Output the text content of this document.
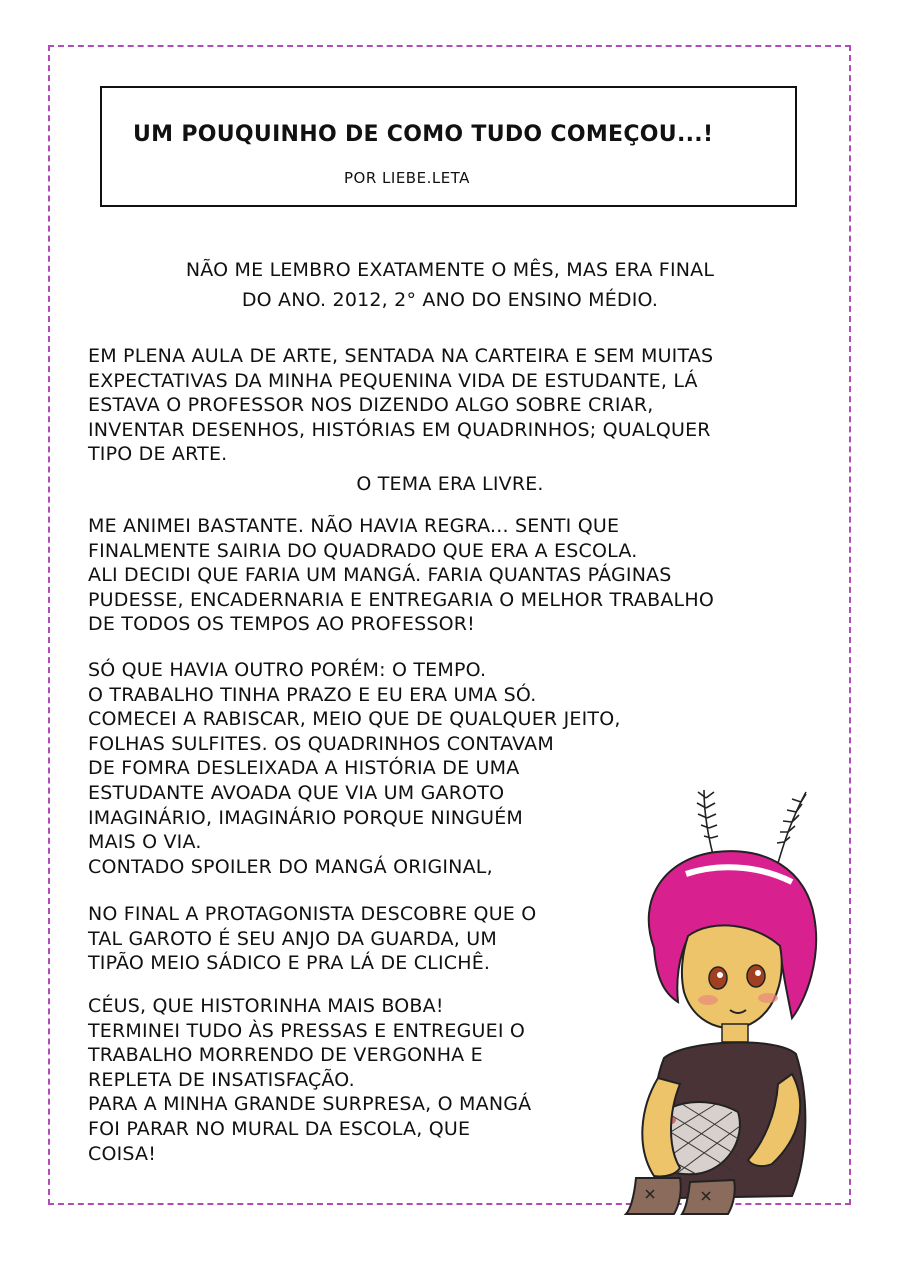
UM POUQUINHO DE COMO TUDO COMEÇOU...!

POR LIEBE.LETA

NÃO ME LEMBRO EXATAMENTE O MÊS, MAS ERA FINAL
DO ANO. 2012, 2° ANO DO ENSINO MÉDIO.

EM PLENA AULA DE ARTE, SENTADA NA CARTEIRA E SEM MUITAS
EXPECTATIVAS DA MINHA PEQUENINA VIDA DE ESTUDANTE, LÁ
ESTAVA O PROFESSOR NOS DIZENDO ALGO SOBRE CRIAR,
INVENTAR DESENHOS, HISTÓRIAS EM QUADRINHOS; QUALQUER
TIPO DE ARTE.

O TEMA ERA LIVRE.

ME ANIMEI BASTANTE. NÃO HAVIA REGRA... SENTI QUE
FINALMENTE SAIRIA DO QUADRADO QUE ERA A ESCOLA.
ALI DECIDI QUE FARIA UM MANGÁ. FARIA QUANTAS PÁGINAS
PUDESSE, ENCADERNARIA E ENTREGARIA O MELHOR TRABALHO
DE TODOS OS TEMPOS AO PROFESSOR!

SÓ QUE HAVIA OUTRO PORÉM: O TEMPO.
O TRABALHO TINHA PRAZO E EU ERA UMA SÓ.
COMECEI A RABISCAR, MEIO QUE DE QUALQUER JEITO,
FOLHAS SULFITES. OS QUADRINHOS CONTAVAM
DE FOMRA DESLEIXADA A HISTÓRIA DE UMA
ESTUDANTE AVOADA QUE VIA UM GAROTO
IMAGINÁRIO, IMAGINÁRIO PORQUE NINGUÉM
MAIS O VIA.
CONTADO SPOILER DO MANGÁ ORIGINAL,

NO FINAL A PROTAGONISTA DESCOBRE QUE O
TAL GAROTO É SEU ANJO DA GUARDA, UM
TIPÃO MEIO SÁDICO E PRA LÁ DE CLICHÊ.

CÉUS, QUE HISTORINHA MAIS BOBA!
TERMINEI TUDO ÀS PRESSAS E ENTREGUEI O
TRABALHO MORRENDO DE VERGONHA E
REPLETA DE INSATISFAÇÃO.
PARA A MINHA GRANDE SURPRESA, O MANGÁ
FOI PARAR NO MURAL DA ESCOLA, QUE
COISA!
